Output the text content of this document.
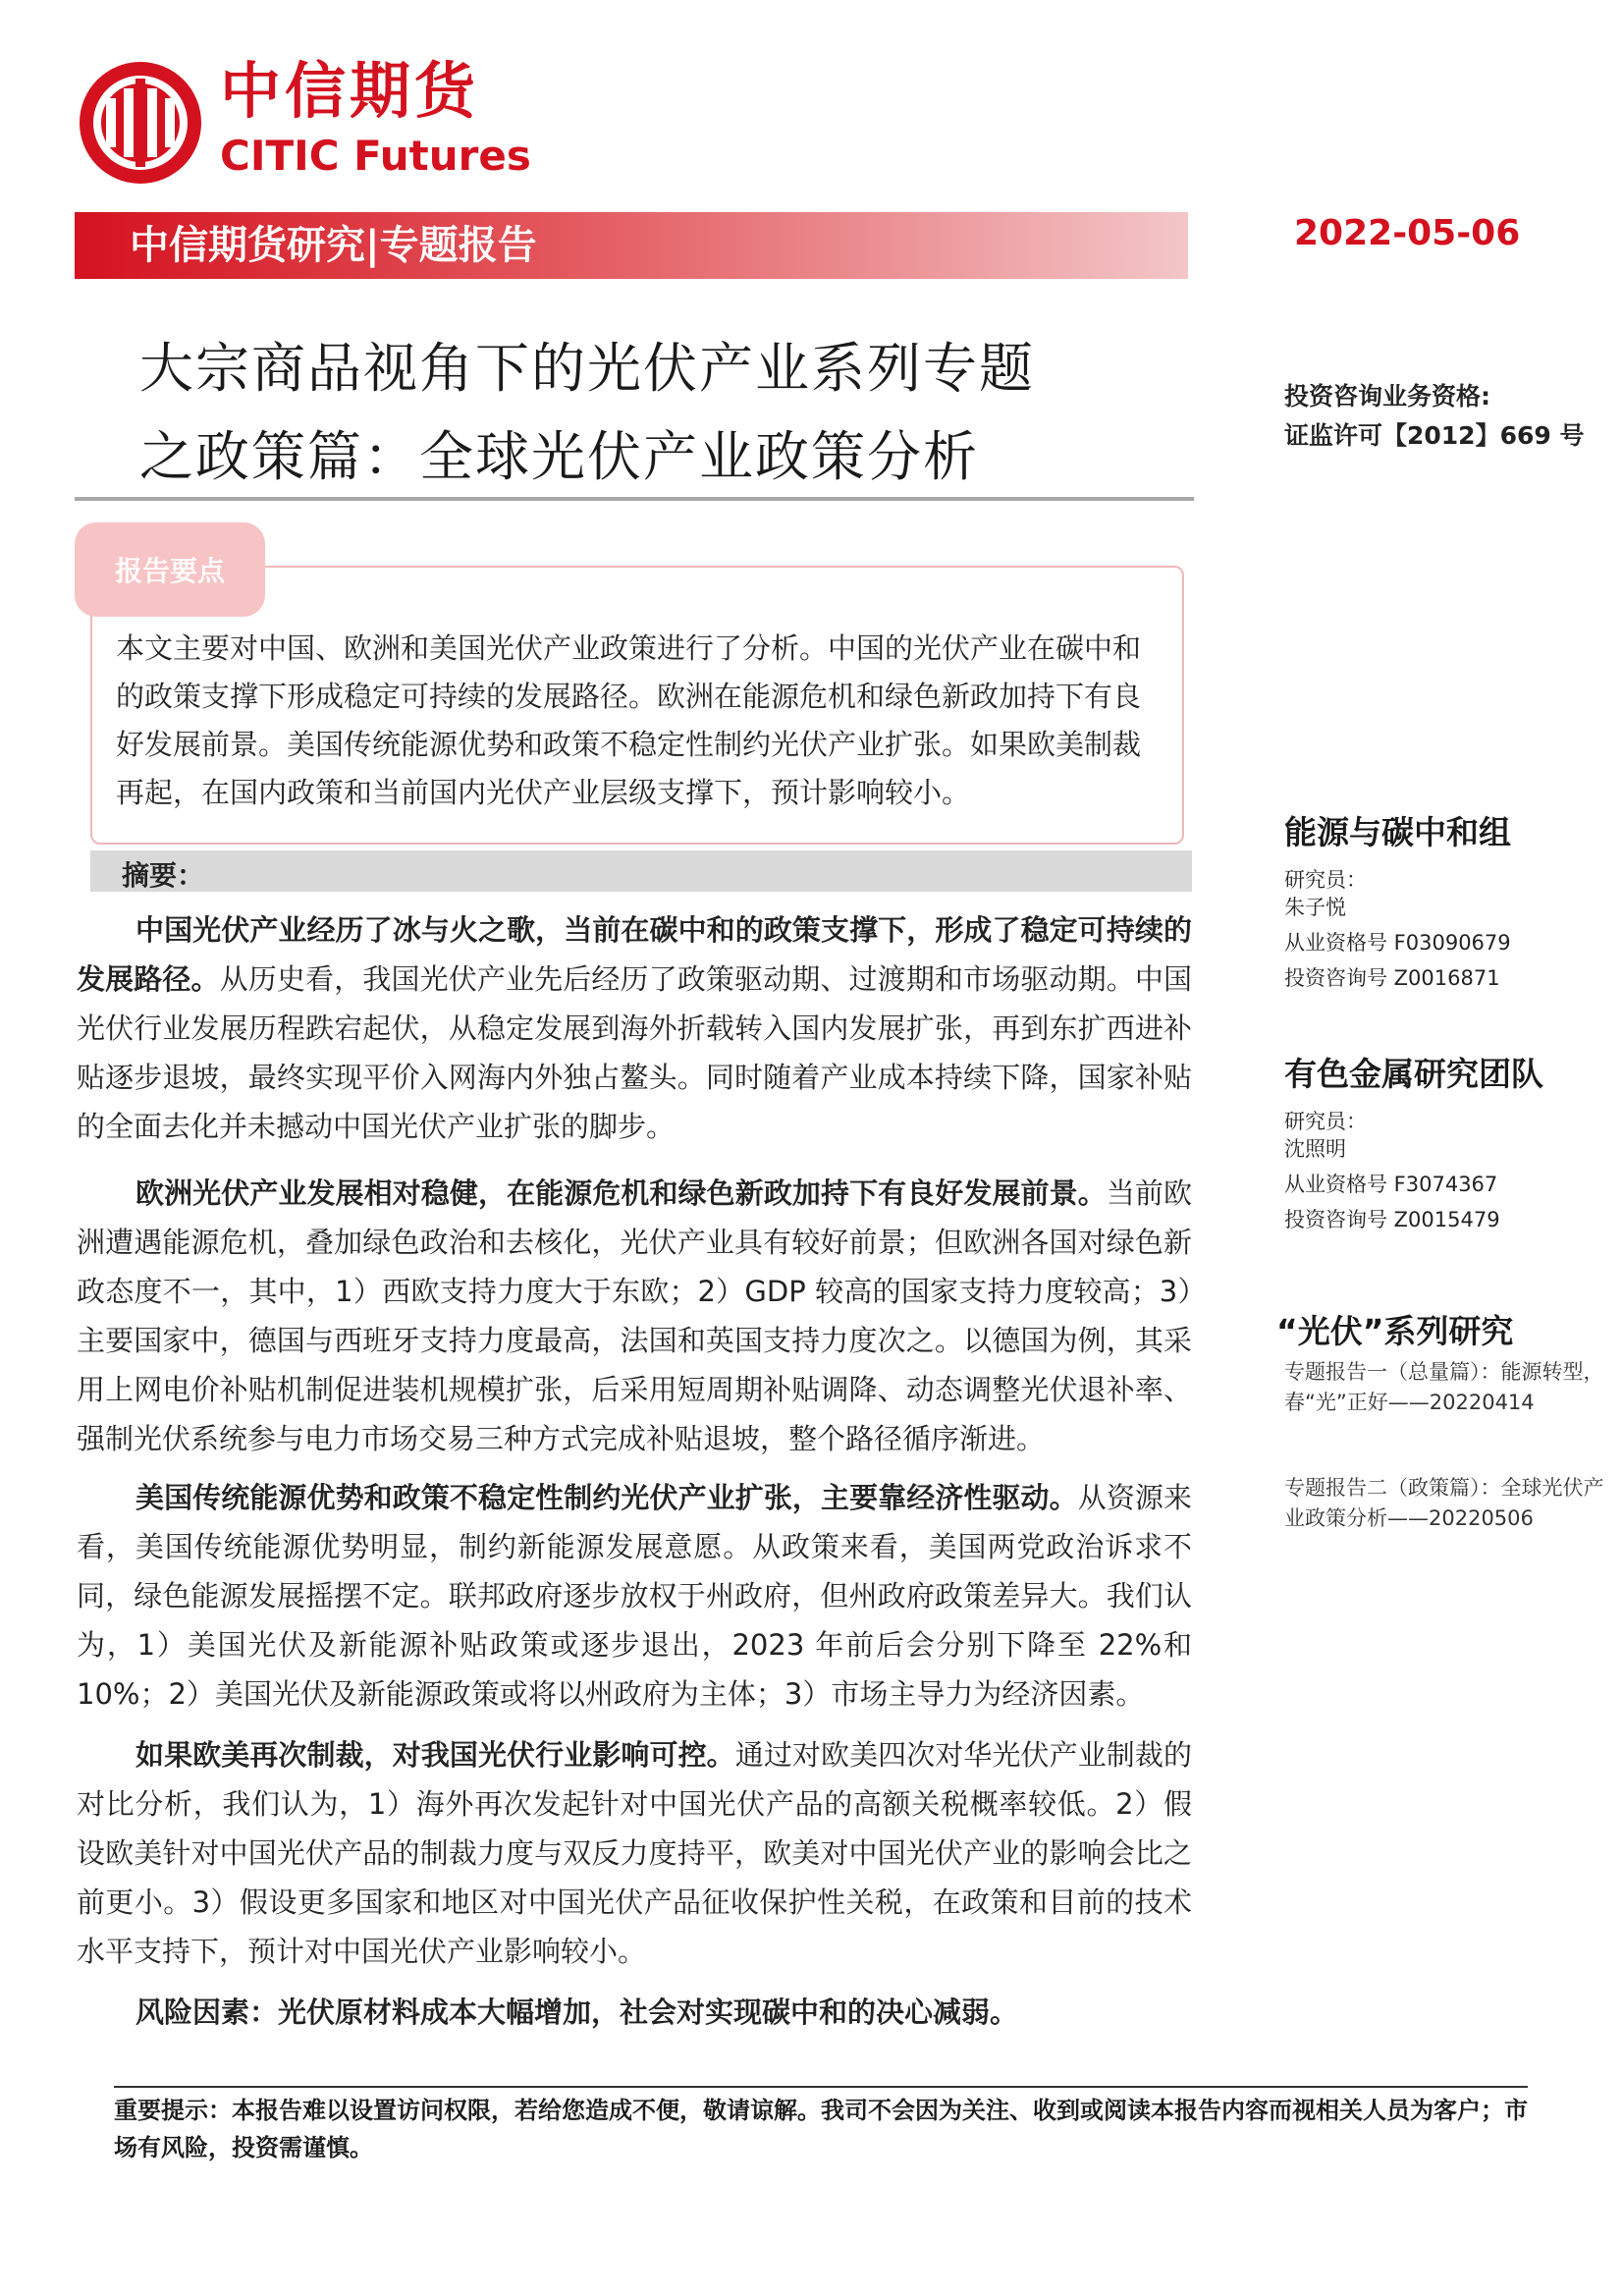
中信期货
CITIC Futures
中信期货研究|专题报告	2022-05-06
大宗商品视角下的光伏产业系列专题
之政策篇：全球光伏产业政策分析
投资咨询业务资格:
证监许可【2012】669 号
报告要点
本文主要对中国、欧洲和美国光伏产业政策进行了分析。中国的光伏产业在碳中和的政策支撑下形成稳定可持续的发展路径。欧洲在能源危机和绿色新政加持下有良好发展前景。美国传统能源优势和政策不稳定性制约光伏产业扩张。如果欧美制裁再起，在国内政策和当前国内光伏产业层级支撑下，预计影响较小。
摘要：
中国光伏产业经历了冰与火之歌，当前在碳中和的政策支撑下，形成了稳定可持续的发展路径。从历史看，我国光伏产业先后经历了政策驱动期、过渡期和市场驱动期。中国光伏行业发展历程跌宕起伏，从稳定发展到海外折载转入国内发展扩张，再到东扩西进补贴逐步退坡，最终实现平价入网海内外独占鳌头。同时随着产业成本持续下降，国家补贴的全面去化并未撼动中国光伏产业扩张的脚步。
欧洲光伏产业发展相对稳健，在能源危机和绿色新政加持下有良好发展前景。当前欧洲遭遇能源危机，叠加绿色政治和去核化，光伏产业具有较好前景；但欧洲各国对绿色新政态度不一，其中，1）西欧支持力度大于东欧；2）GDP 较高的国家支持力度较高；3）主要国家中，德国与西班牙支持力度最高，法国和英国支持力度次之。以德国为例，其采用上网电价补贴机制促进装机规模扩张，后采用短周期补贴调降、动态调整光伏退补率、强制光伏系统参与电力市场交易三种方式完成补贴退坡，整个路径循序渐进。
美国传统能源优势和政策不稳定性制约光伏产业扩张，主要靠经济性驱动。从资源来看，美国传统能源优势明显，制约新能源发展意愿。从政策来看，美国两党政治诉求不同，绿色能源发展摇摆不定。联邦政府逐步放权于州政府，但州政府政策差异大。我们认为，1）美国光伏及新能源补贴政策或逐步退出，2023 年前后会分别下降至 22%和 10%；2）美国光伏及新能源政策或将以州政府为主体；3）市场主导力为经济因素。
如果欧美再次制裁，对我国光伏行业影响可控。通过对欧美四次对华光伏产业制裁的对比分析，我们认为，1）海外再次发起针对中国光伏产品的高额关税概率较低。2）假设欧美针对中国光伏产品的制裁力度与双反力度持平，欧美对中国光伏产业的影响会比之前更小。3）假设更多国家和地区对中国光伏产品征收保护性关税，在政策和目前的技术水平支持下，预计对中国光伏产业影响较小。
风险因素：光伏原材料成本大幅增加，社会对实现碳中和的决心减弱。
能源与碳中和组
研究员：
朱子悦
从业资格号 F03090679
投资咨询号 Z0016871
有色金属研究团队
研究员：
沈照明
从业资格号 F3074367
投资咨询号 Z0015479
“光伏”系列研究
专题报告一（总量篇）：能源转型，春“光”正好——20220414
专题报告二（政策篇）：全球光伏产业政策分析——20220506
重要提示：本报告难以设置访问权限，若给您造成不便，敬请谅解。我司不会因为关注、收到或阅读本报告内容而视相关人员为客户；市场有风险，投资需谨慎。
